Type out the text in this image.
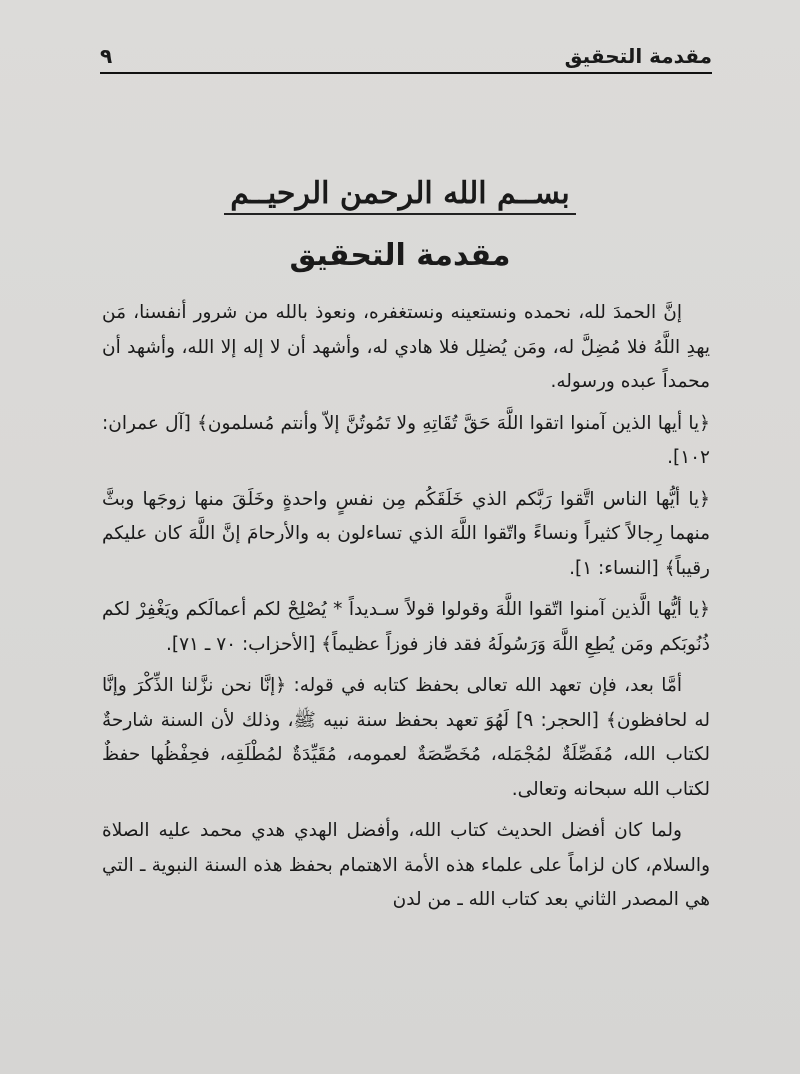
مقدمة التحقيق
٩
بســم الله الرحمن الرحيــم
مقدمة التحقيق

إنَّ الحمدَ لله، نحمده ونستعينه ونستغفره، ونعوذ بالله من شرور أنفسنا، مَن يهدِ اللَّهُ فلا مُضِلَّ له، ومَن يُضلِل فلا هادي له، وأشهد أن لا إله إلا الله، وأشهد أن محمداً عبده ورسوله.

﴿يا أيها الذين آمنوا اتقوا اللَّهَ حَقَّ تُقَاتِهِ ولا تَمُوتُنَّ إلاّ وأنتم مُسلمون﴾ [آل عمران: ١٠٢].

﴿يا أيُّها الناس اتَّقوا رَبَّكم الذي خَلَقَكُم مِن نفسٍ واحدةٍ وخَلَقَ منها زوجَها وبثَّ منهما رِجالاً كثيراً ونساءً واتّقوا اللَّهَ الذي تساءلون به والأرحامَ إنَّ اللَّهَ كان عليكم رقيباً﴾ [النساء: ١].

﴿يا أيُّها الَّذين آمنوا اتّقوا اللَّهَ وقولوا قولاً سـديداً * يُصْلِحْ لكم أعمالَكم ويَغْفِرْ لكم ذُنُوبَكم ومَن يُطِعِ اللَّهَ وَرَسُولَهُ فقد فاز فوزاً عظيماً﴾ [الأحزاب: ٧٠ ـ ٧١].

أمَّا بعد، فإن تعهد الله تعالى بحفظ كتابه في قوله: ﴿إنَّا نحن نزَّلنا الذِّكْرَ وإنَّا له لحافظون﴾ [الحجر: ٩] لَهُوَ تعهد بحفظ سنة نبيه ﷺ، وذلك لأن السنة شارحةٌ لكتاب الله، مُفَصِّلَةٌ لمُجْمَله، مُخَصِّصَةٌ لعمومه، مُقَيِّدَةٌ لمُطْلَقِه، فحِفْظُها حفظٌ لكتاب الله سبحانه وتعالى.

ولما كان أفضل الحديث كتاب الله، وأفضل الهدي هدي محمد عليه الصلاة والسلام، كان لزاماً على علماء هذه الأمة الاهتمام بحفظ هذه السنة النبوية ـ التي هي المصدر الثاني بعد كتاب الله ـ من لدن
